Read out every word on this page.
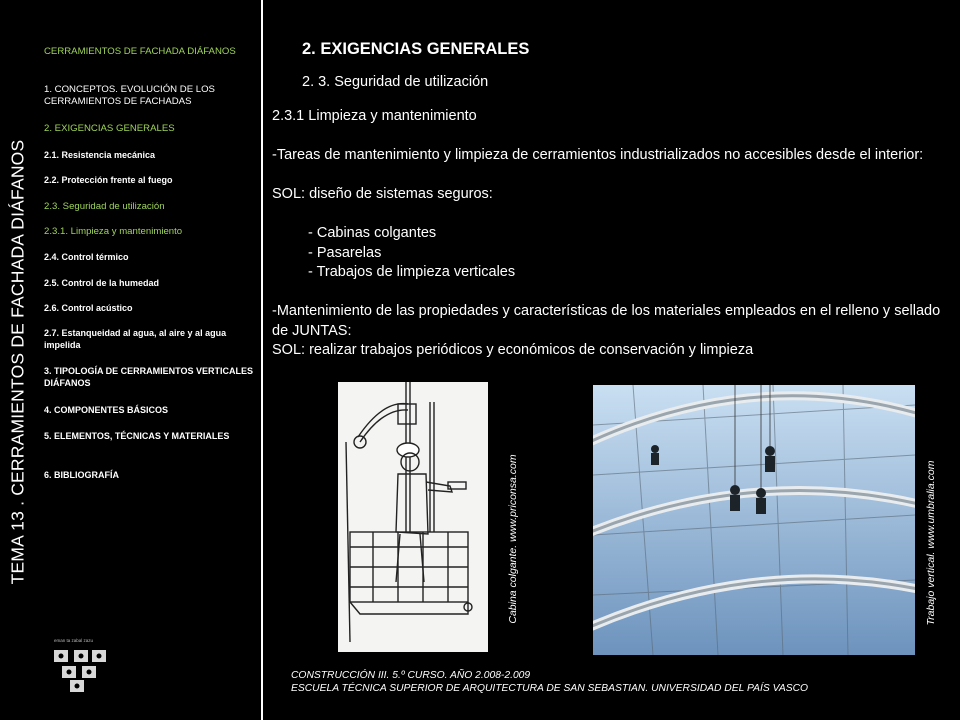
TEMA 13 . CERRAMIENTOS DE FACHADA DIÁFANOS
CERRAMIENTOS DE FACHADA DIÁFANOS
1. CONCEPTOS. EVOLUCIÓN DE LOS CERRAMIENTOS DE FACHADAS
2. EXIGENCIAS GENERALES
2.1. Resistencia mecánica
2.2. Protección frente al fuego
2.3. Seguridad de utilización
2.3.1. Limpieza y mantenimiento
2.4. Control térmico
2.5. Control de la humedad
2.6. Control acústico
2.7. Estanqueidad al agua, al aire y al agua impelida
3. TIPOLOGÍA DE CERRAMIENTOS VERTICALES DIÁFANOS
4. COMPONENTES BÁSICOS
5. ELEMENTOS, TÉCNICAS Y MATERIALES
6. BIBLIOGRAFÍA
eman ta zabal zazu
2. EXIGENCIAS GENERALES
2. 3. Seguridad de utilización

2.3.1 Limpieza y mantenimiento

-Tareas de mantenimiento y limpieza de cerramientos industrializados no accesibles desde el interior:

SOL: diseño de sistemas seguros:

- Cabinas colgantes

- Pasarelas

- Trabajos de limpieza verticales

-Mantenimiento de las propiedades y características de los materiales empleados en el relleno y sellado de JUNTAS:

SOL: realizar trabajos periódicos y económicos de conservación y limpieza

Cabina colgante. www.priconsa.com	Trabajo vertical. www.umbralia.com
CONSTRUCCIÓN III. 5.º CURSO. AÑO 2.008-2.009
ESCUELA TÉCNICA SUPERIOR DE ARQUITECTURA DE SAN SEBASTIAN. UNIVERSIDAD DEL PAÍS VASCO
